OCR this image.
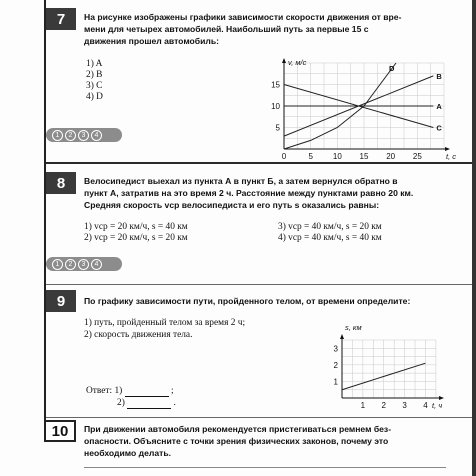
7	На рисунке изображены графики зависимости скорости движения от вре-
мени для четырех автомобилей. Наибольший путь за первые 15 с
движения прошел автомобиль:
1) A
2) B
3) C
4) D
0	5 10 15 20 25
5
10
15
A
B
C
D
v, м/с
t, с
1	2	3	4
8	Велосипедист выехал из пункта А в пункт Б, а затем вернулся обратно в
пункт А, затратив на это время 2 ч. Расстояние между пунктами равно 20 км.
Средняя скорость vср велосипедиста и его путь s оказались равны:
1) vср = 20 км/ч, s = 40 км
2) vср = 20 км/ч, s = 20 км
3) vср = 40 км/ч, s = 20 км
4) vср = 40 км/ч, s = 40 км
1	2	3	4
9	По графику зависимости пути, пройденного телом, от времени определите:
1) путь, пройденный телом за время 2 ч;
2) скорость движения тела.
Ответ: 1)	;
2)	.	1 2 3 4
1
2
3
s, км
t, ч
10	При движении автомобиля рекомендуется пристегиваться ремнем без-
опасности. Объясните с точки зрения физических законов, почему это
необходимо делать.
